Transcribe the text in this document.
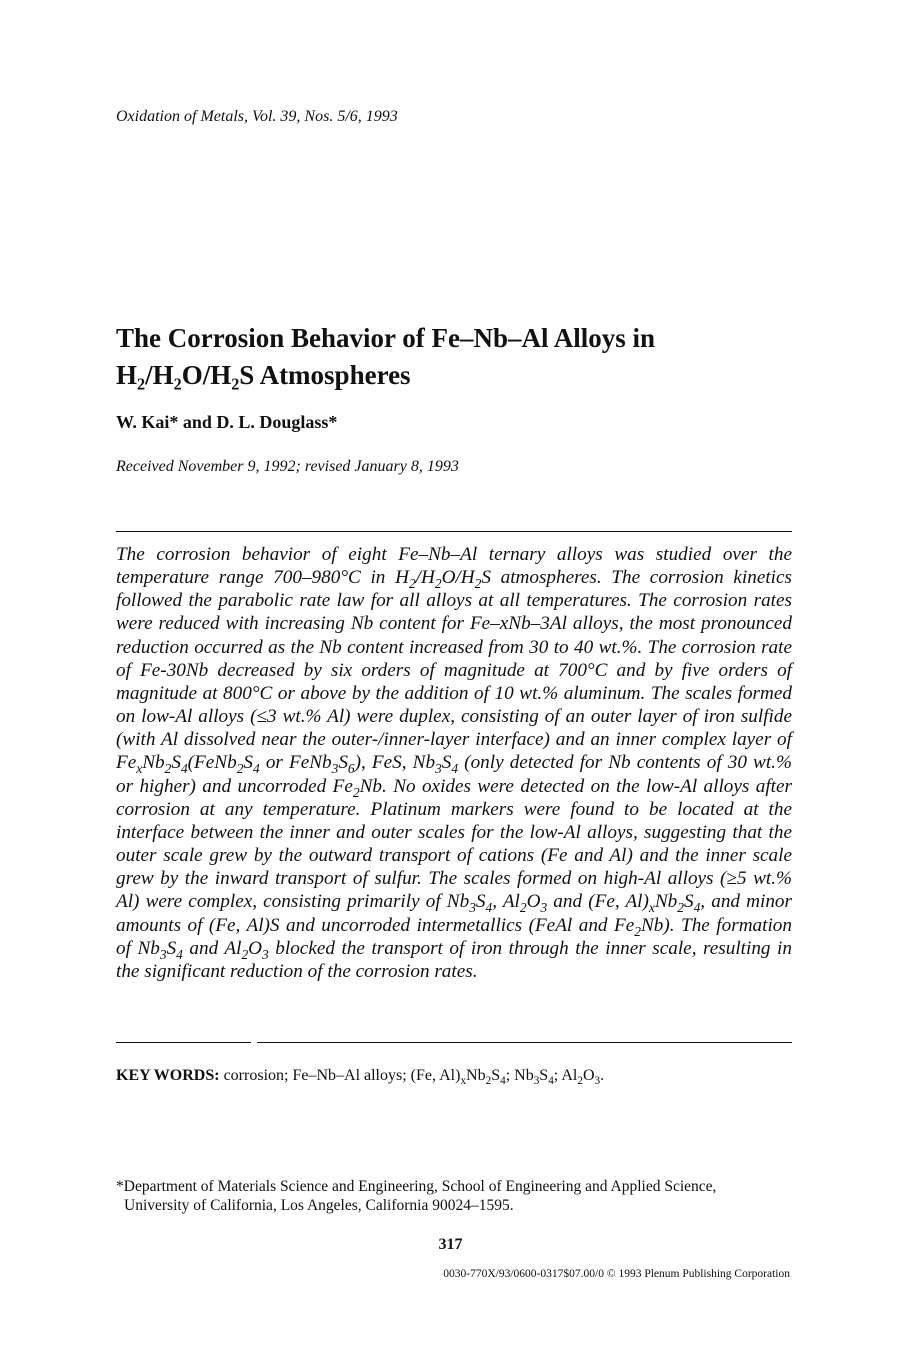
Oxidation of Metals, Vol. 39, Nos. 5/6, 1993
The Corrosion Behavior of Fe–Nb–Al Alloys in
H₂/H₂O/H₂S Atmospheres
W. Kai* and D. L. Douglass*
Received November 9, 1992; revised January 8, 1993
The corrosion behavior of eight Fe–Nb–Al ternary alloys was studied over the temperature range 700–980°C in $H_2/H_2O/H_2S$ atmospheres. The corrosion kinetics followed the parabolic rate law for all alloys at all temperatures. The corrosion rates were reduced with increasing Nb content for Fe–xNb–3Al alloys, the most pronounced reduction occurred as the Nb content increased from 30 to 40 wt.%. The corrosion rate of Fe-30Nb decreased by six orders of magnitude at 700°C and by five orders of magnitude at 800°C or above by the addition of 10 wt.% aluminum. The scales formed on low-Al alloys (≤3 wt.% Al) were duplex, consisting of an outer layer of iron sulfide (with Al dissolved near the outer-/inner-layer interface) and an inner complex layer of $Fe_xNb_2S_4(FeNb_2S_4$ or $FeNb_3S_6$), FeS, $Nb_3S_4$ (only detected for Nb contents of 30 wt.% or higher) and uncorroded $Fe_2Nb$. No oxides were detected on the low-Al alloys after corrosion at any temperature. Platinum markers were found to be located at the interface between the inner and outer scales for the low-Al alloys, suggesting that the outer scale grew by the outward transport of cations (Fe and Al) and the inner scale grew by the inward transport of sulfur. The scales formed on high-Al alloys (≥5 wt.% Al) were complex, consisting primarily of $Nb_3S_4$, $Al_2O_3$ and (Fe, $Al)_xNb_2S_4$, and minor amounts of (Fe, Al)S and uncorroded intermetallics (FeAl and $Fe_2Nb$). The formation of $Nb_3S_4$ and $Al_2O_3$ blocked the transport of iron through the inner scale, resulting in the significant reduction of the corrosion rates.
KEY WORDS: corrosion; Fe–Nb–Al alloys; (Fe, $Al)_xNb_2S_4$; $Nb_3S_4$; $Al_2O_3$.
*Department of Materials Science and Engineering, School of Engineering and Applied Science,
University of California, Los Angeles, California 90024–1595.
317
0030-770X/93/0600-0317$07.00/0 © 1993 Plenum Publishing Corporation
